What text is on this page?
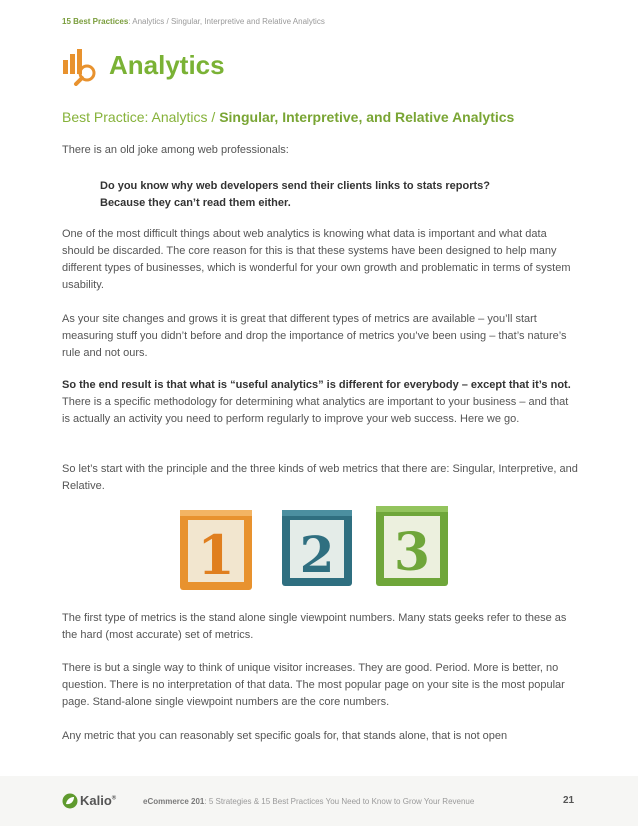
15 Best Practices: Analytics / Singular, Interpretive and Relative Analytics
Analytics
Best Practice: Analytics / Singular, Interpretive, and Relative Analytics
There is an old joke among web professionals:
Do you know why web developers send their clients links to stats reports?
Because they can’t read them either.
One of the most difficult things about web analytics is knowing what data is important and what data should be discarded. The core reason for this is that these systems have been designed to help many different types of businesses, which is wonderful for your own growth and problematic in terms of system usability.
As your site changes and grows it is great that different types of metrics are available – you’ll start measuring stuff you didn’t before and drop the importance of metrics you’ve been using – that’s nature’s rule and not ours.
So the end result is that what is “useful analytics” is different for everybody – except that it’s not. There is a specific methodology for determining what analytics are important to your business – and that is actually an activity you need to perform regularly to improve your web success. Here we go.
So let’s start with the principle and the three kinds of web metrics that there are: Singular, Interpretive, and Relative.
1 2 3
The first type of metrics is the stand alone single viewpoint numbers. Many stats geeks refer to these as the hard (most accurate) set of metrics.
There is but a single way to think of unique visitor increases. They are good. Period. More is better, no question. There is no interpretation of that data. The most popular page on your site is the most popular page. Stand-alone single viewpoint numbers are the core numbers.
Any metric that you can reasonably set specific goals for, that stands alone, that is not open
Kalio®	eCommerce 201: 5 Strategies & 15 Best Practices You Need to Know to Grow Your Revenue	21
